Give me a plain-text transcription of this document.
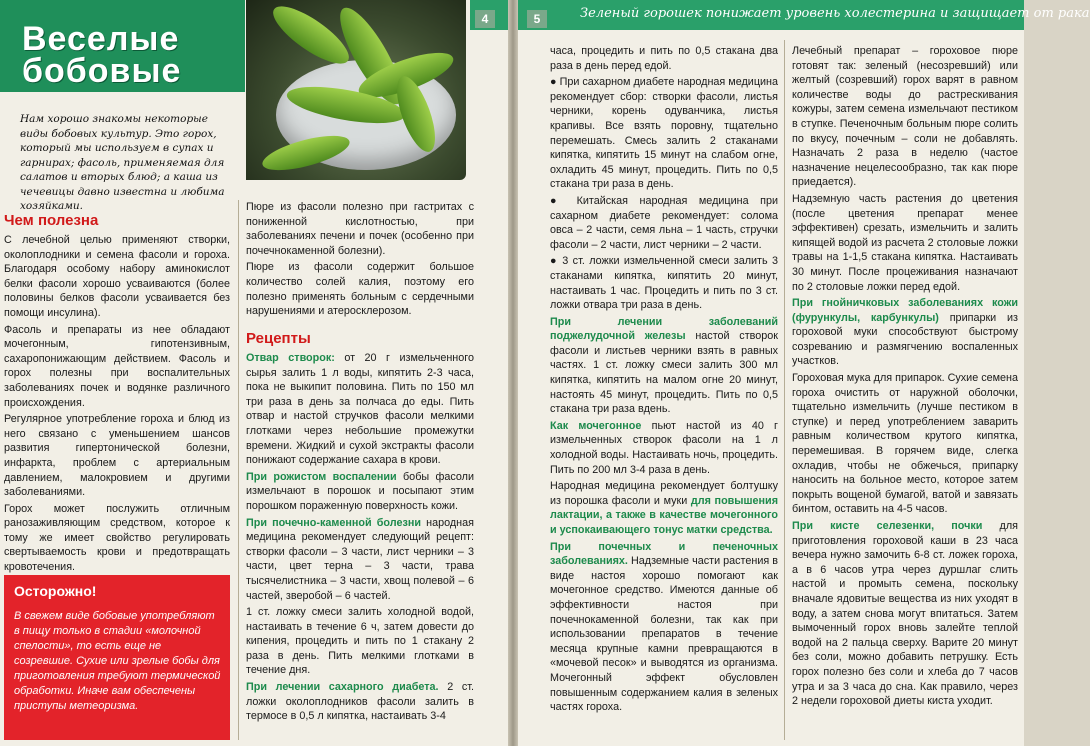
Веселые
бобовые
Нам хорошо знакомы некоторые виды бобовых культур. Это горох, который мы используем в супах и гарнирах; фасоль, применяемая для салатов и вторых блюд; а каша из чечевицы давно известна и любима хозяйками.
Чем полезна

С лечебной целью применяют створки, околоплодники и семена фасоли и гороха. Благодаря особому набору аминокислот белки фасоли хорошо усваиваются (более половины белков фасоли усваивается без помощи инсулина).

Фасоль и препараты из нее обладают мочегонным, гипотензивным, сахаропонижающим действием. Фасоль и горох полезны при воспалительных заболеваниях почек и водянке различного происхождения.

Регулярное употребление гороха и блюд из него связано с уменьшением шансов развития гипертонической болезни, инфаркта, проблем с артериальным давлением, малокровием и другими заболеваниями.

Горох может послужить отличным ранозаживляющим средством, которое к тому же имеет свойство регулировать свертываемость крови и предотвращать кровотечения.

Осторожно!
В свежем виде бобовые употребляют в пищу только в стадии «молочной спелости», то есть еще не созревшие. Сухие или зрелые бобы для приготовления требуют термической обработки. Иначе вам обеспечены приступы метеоризма.

Пюре из фасоли полезно при гастритах с пониженной кислотностью, при заболеваниях печени и почек (особенно при почечнокаменной болезни).

Пюре из фасоли содержит большое количество солей калия, поэтому его полезно применять больным с сердечными нарушениями и атеросклерозом.

Рецепты

Отвар створок: от 20 г измельченного сырья залить 1 л воды, кипятить 2-3 часа, пока не выкипит половина. Пить по 150 мл три раза в день за полчаса до еды. Пить отвар и настой стручков фасоли мелкими глотками через небольшие промежутки времени. Жидкий и сухой экстракты фасоли понижают содержание сахара в крови.

При рожистом воспалении бобы фасоли измельчают в порошок и посыпают этим порошком пораженную поверхность кожи.

При почечно-каменной болезни народная медицина рекомендует следующий рецепт: створки фасоли – 3 части, лист черники – 3 части, цвет терна – 3 части, трава тысячелистника – 3 части, хвощ полевой – 6 частей, зверобой – 6 частей.

1 ст. ложку смеси залить холодной водой, настаивать в течение 6 ч, затем довести до кипения, процедить и пить по 1 стакану 2 раза в день. Пить мелкими глотками в течение дня.

При лечении сахарного диабета. 2 ст. ложки околоплодников фасоли залить в термосе в 0,5 л кипятка, настаивать 3-4

часа, процедить и пить по 0,5 стакана два раза в день перед едой.

● При сахарном диабете народная медицина рекомендует сбор: створки фасоли, листья черники, корень одуванчика, листья крапивы. Все взять поровну, тщательно перемешать. Смесь залить 2 стаканами кипятка, кипятить 15 минут на слабом огне, охладить 45 минут, процедить. Пить по 0,5 стакана три раза в день.

● Китайская народная медицина при сахарном диабете рекомендует: солома овса – 2 части, семя льна – 1 часть, стручки фасоли – 2 части, лист черники – 2 части.

● 3 ст. ложки измельченной смеси залить 3 стаканами кипятка, кипятить 20 минут, настаивать 1 час. Процедить и пить по 3 ст. ложки отвара три раза в день.

При лечении заболеваний поджелудочной железы настой створок фасоли и листьев черники взять в равных частях. 1 ст. ложку смеси залить 300 мл кипятка, кипятить на малом огне 20 минут, настоять 45 минут, процедить. Пить по 0,5 стакана три раза вдень.

Как мочегонное пьют настой из 40 г измельченных створок фасоли на 1 л холодной воды. Настаивать ночь, процедить. Пить по 200 мл 3-4 раза в день.

Народная медицина рекомендует болтушку из порошка фасоли и муки для повышения лактации, а также в качестве мочегонного и успокаивающего тонус матки средства.

При почечных и печеночных заболеваниях. Надземные части растения в виде настоя хорошо помогают как мочегонное средство. Имеются данные об эффективности настоя при почечнокаменной болезни, так как при использовании препаратов в течение месяца крупные камни превращаются в «мочевой песок» и выводятся из организма. Мочегонный эффект обусловлен повышенным содержанием калия в зеленых частях гороха.

Лечебный препарат – гороховое пюре готовят так: зеленый (несозревший) или желтый (созревший) горох варят в равном количестве воды до растрескивания кожуры, затем семена измельчают пестиком в ступке. Печеночным больным пюре солить по вкусу, почечным – соли не добавлять. Назначать 2 раза в неделю (частое назначение нецелесообразно, так как пюре приедается).

Надземную часть растения до цветения (после цветения препарат менее эффективен) срезать, измельчить и залить кипящей водой из расчета 2 столовые ложки травы на 1-1,5 стакана кипятка. Настаивать 30 минут. После процеживания назначают по 2 столовые ложки перед едой.

При гнойничковых заболеваниях кожи (фурункулы, карбункулы) припарки из гороховой муки способствуют быстрому созреванию и размягчению воспаленных участков.

Гороховая мука для припарок. Сухие семена гороха очистить от наружной оболочки, тщательно измельчить (лучше пестиком в ступке) и перед употреблением заварить равным количеством крутого кипятка, перемешивая. В горячем виде, слегка охладив, чтобы не обжечься, припарку наносить на больное место, которое затем покрыть вощеной бумагой, ватой и завязать бинтом, оставить на 4-5 часов.

При кисте селезенки, почки для приготовления гороховой каши в 23 часа вечера нужно замочить 6-8 ст. ложек гороха, а в 6 часов утра через дуршлаг слить настой и промыть семена, поскольку вначале ядовитые вещества из них уходят в воду, а затем снова могут впитаться. Затем вымоченный горох вновь залейте теплой водой на 2 пальца сверху. Варите 20 минут без соли, можно добавить петрушку. Есть горох полезно без соли и хлеба до 7 часов утра и за 3 часа до сна. Как правило, через 2 недели гороховой диеты киста уходит.

4	5	Зеленый горошек понижает уровень холестерина и защищает от рака
